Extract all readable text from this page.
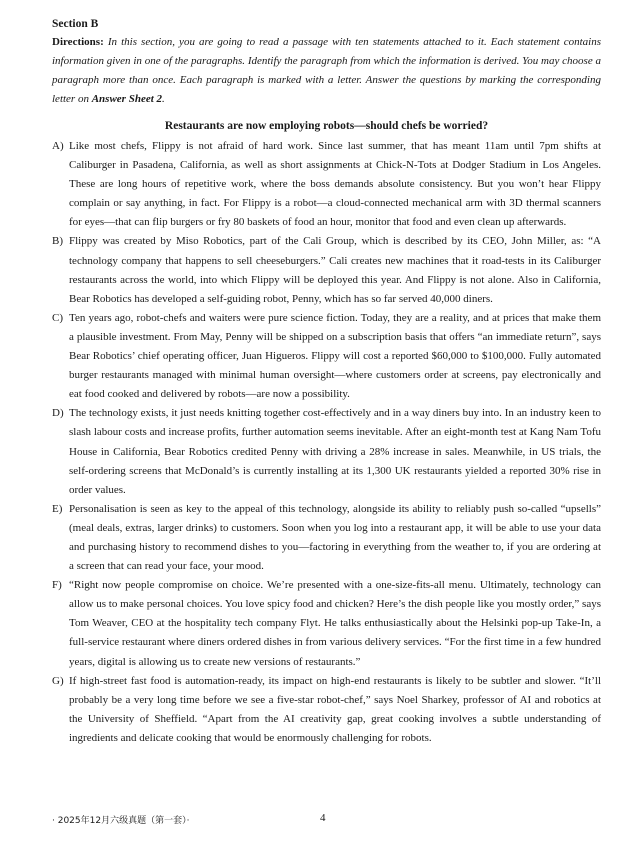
Section B

Directions: In this section, you are going to read a passage with ten statements attached to it. Each statement contains information given in one of the paragraphs. Identify the paragraph from which the information is derived. You may choose a paragraph more than once. Each paragraph is marked with a letter. Answer the questions by marking the corresponding letter on Answer Sheet 2.

Restaurants are now employing robots—should chefs be worried?

A) Like most chefs, Flippy is not afraid of hard work. Since last summer, that has meant 11am until 7pm shifts at Caliburger in Pasadena, California, as well as short assignments at Chick-N-Tots at Dodger Stadium in Los Angeles. These are long hours of repetitive work, where the boss demands absolute consistency. But you won’t hear Flippy complain or say anything, in fact. For Flippy is a robot—a cloud-connected mechanical arm with 3D thermal scanners for eyes—that can flip burgers or fry 80 baskets of food an hour, monitor that food and even clean up afterwards.
B) Flippy was created by Miso Robotics, part of the Cali Group, which is described by its CEO, John Miller, as: “A technology company that happens to sell cheeseburgers.” Cali creates new machines that it road-tests in its Caliburger restaurants across the world, into which Flippy will be deployed this year. And Flippy is not alone. Also in California, Bear Robotics has developed a self-guiding robot, Penny, which has so far served 40,000 diners.
C) Ten years ago, robot-chefs and waiters were pure science fiction. Today, they are a reality, and at prices that make them a plausible investment. From May, Penny will be shipped on a subscription basis that offers “an immediate return”, says Bear Robotics’ chief operating officer, Juan Higueros. Flippy will cost a reported $60,000 to $100,000. Fully automated burger restaurants managed with minimal human oversight—where customers order at screens, pay electronically and eat food cooked and delivered by robots—are now a possibility.
D) The technology exists, it just needs knitting together cost-effectively and in a way diners buy into. In an industry keen to slash labour costs and increase profits, further automation seems inevitable. After an eight-month test at Kang Nam Tofu House in California, Bear Robotics credited Penny with driving a 28% increase in sales. Meanwhile, in US trials, the self-ordering screens that McDonald’s is currently installing at its 1,300 UK restaurants yielded a reported 30% rise in order values.
E) Personalisation is seen as key to the appeal of this technology, alongside its ability to reliably push so-called “upsells” (meal deals, extras, larger drinks) to customers. Soon when you log into a restaurant app, it will be able to use your data and purchasing history to recommend dishes to you—factoring in everything from the weather to, if you are ordering at a screen that can read your face, your mood.
F) “Right now people compromise on choice. We’re presented with a one-size-fits-all menu. Ultimately, technology can allow us to make personal choices. You love spicy food and chicken? Here’s the dish people like you mostly order,” says Tom Weaver, CEO at the hospitality tech company Flyt. He talks enthusiastically about the Helsinki pop-up Take-In, a full-service restaurant where diners ordered dishes in from various delivery services. “For the first time in a few hundred years, digital is allowing us to create new versions of restaurants.”
G) If high-street fast food is automation-ready, its impact on high-end restaurants is likely to be subtler and slower. “It’ll probably be a very long time before we see a five-star robot-chef,” says Noel Sharkey, professor of AI and robotics at the University of Sheffield. “Apart from the AI creativity gap, great cooking involves a subtle understanding of ingredients and delicate cooking that would be enormously challenging for robots.
· 2025年12月六级真题（第一套）·	4
